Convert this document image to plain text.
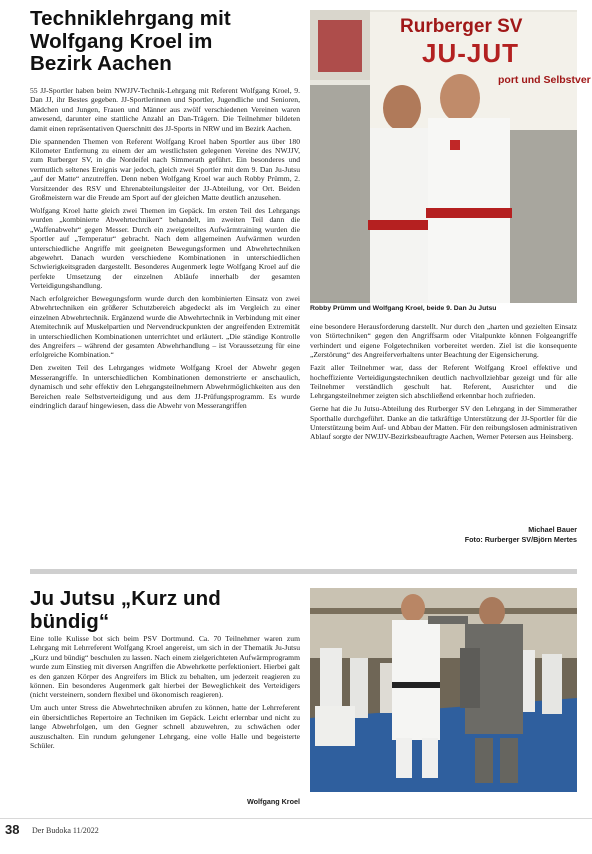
Techniklehrgang mit
Wolfgang Kroel im
Bezirk Aachen

55 JJ-Sportler haben beim NWJJV-Technik-Lehrgang mit Referent Wolfgang Kroel, 9. Dan JJ, ihr Bestes gegeben. JJ-Sportlerinnen und Sportler, Jugendliche und Senioren, Mädchen und Jungen, Frauen und Männer aus zwölf verschiedenen Vereinen waren anwesend, darunter eine stattliche Anzahl an Dan-Trägern. Die Teilnehmer bildeten damit einen repräsentativen Querschnitt des JJ-Sports in NRW und im Bezirk Aachen.

Die spannenden Themen von Referent Wolfgang Kroel haben Sportler aus über 180 Kilometer Entfernung zu einem der am westlichsten gelegenen Vereine des NWJJV, zum Rurberger SV, in die Nordeifel nach Simmerath geführt. Ein besonderes und vermutlich seltenes Ereignis war jedoch, gleich zwei Sportler mit dem 9. Dan Ju-Jutsu „auf der Matte“ anzutreffen. Denn neben Wolfgang Kroel war auch Robby Prümm, 2. Vorsitzender des RSV und Ehrenabteilungsleiter der JJ-Abteilung, vor Ort. Beiden Großmeistern war die Freude am Sport auf der gleichen Matte deutlich anzusehen.

Wolfgang Kroel hatte gleich zwei Themen im Gepäck. Im ersten Teil des Lehrgangs wurden „kombinierte Abwehrtechniken“ behandelt, im zweiten Teil dann die „Waffenabwehr“ gegen Messer. Durch ein zweigeteiltes Aufwärmtraining wurden die Sportler auf „Temperatur“ gebracht. Nach dem allgemeinen Aufwärmen wurden unterschiedliche Angriffe mit geeigneten Bewegungsformen und Abwehrtechniken abgewehrt. Danach wurden verschiedene Kombinationen in unterschiedlichen Schwierigkeitsgraden dargestellt. Besonderes Augenmerk legte Wolfgang Kroel auf die perfekte Umsetzung der einzelnen Abläufe innerhalb der gesamten Verteidigungshandlung.

Nach erfolgreicher Bewegungsform wurde durch den kombinierten Einsatz von zwei Abwehrtechniken ein größerer Schutzbereich abgedeckt als im Vergleich zu einer einzelnen Abwehrtechnik. Ergänzend wurde die Abwehrtechnik in Verbindung mit einer Atemitechnik auf Muskelpartien und Nervendruckpunkten der angreifenden Extremität in unterschiedlichen Kombinationen unterrichtet und erläutert. „Die ständige Kontrolle des Angreifers – während der gesamten Abwehrhandlung – ist Voraussetzung für eine erfolgreiche Kombination.“

Den zweiten Teil des Lehrganges widmete Wolfgang Kroel der Abwehr gegen Messerangriffe. In unterschiedlichen Kombinationen demonstrierte er anschaulich, dynamisch und sehr effektiv den Lehrgangsteilnehmern Abwehrmöglichkeiten aus den Bereichen reale Selbstverteidigung und aus dem JJ-Prüfungsprogramm. Es wurde eindringlich darauf hingewiesen, dass die Abwehr von Messerangriffen

Rurberger SV
JU-JUT
port und Selbstver
Robby Prümm und Wolfgang Kroel, beide 9. Dan Ju Jutsu

eine besondere Herausforderung darstellt. Nur durch den „harten und gezielten Einsatz von Störtechniken“ gegen den Angriffsarm oder Vitalpunkte können Folgeangriffe verhindert und eigene Folgetechniken vorbereitet werden. Ziel ist die konsequente „Zerstörung“ des Angreiferverhaltens unter Beachtung der Eigensicherung.

Fazit aller Teilnehmer war, dass der Referent Wolfgang Kroel effektive und hocheffiziente Verteidigungstechniken deutlich nachvollziehbar gezeigt und für alle Teilnehmer verständlich geschult hat. Referent, Ausrichter und die Lehrgangsteilnehmer zeigten sich abschließend erkennbar hoch zufrieden.

Gerne hat die Ju Jutsu-Abteilung des Rurberger SV den Lehrgang in der Simmerather Sporthalle durchgeführt. Danke an die tatkräftige Unterstützung der JJ-Sportler für die Unterstützung beim Auf- und Abbau der Matten. Für den reibungslosen administrativen Ablauf sorgte der NWJJV-Bezirksbeauftragte Aachen, Werner Petersen aus Heinsberg.

Michael Bauer
Foto: Rurberger SV/Björn Mertes
Ju Jutsu „Kurz und
bündig“

Eine tolle Kulisse bot sich beim PSV Dortmund. Ca. 70 Teilnehmer waren zum Lehrgang mit Lehrreferent Wolfgang Kroel angereist, um sich in der Thematik Ju-Jutsu „Kurz und bündig“ beschulen zu lassen. Nach einem zielgerichteten Aufwärmprogramm wurde zum Einstieg mit diversen Angriffen die Abwehrkette perfektioniert. Hierbei galt es den ganzen Körper des Angreifers im Blick zu behalten, um jederzeit reagieren zu können. Ein besonderes Augenmerk galt hierbei der Beweglichkeit des Verteidigers (nicht versteinern, sondern flexibel und ökonomisch reagieren).

Um auch unter Stress die Abwehrtechniken abrufen zu können, hatte der Lehrreferent ein übersichtliches Repertoire an Techniken im Gepäck. Leicht erlernbar und nicht zu lange Abwehrfolgen, um den Gegner schnell abzuwehren, zu schwächen oder auszuschalten. Ein rundum gelungener Lehrgang, eine volle Halle und begeisterte Schüler.

Wolfgang Kroel
38 Der Budoka 11/2022
